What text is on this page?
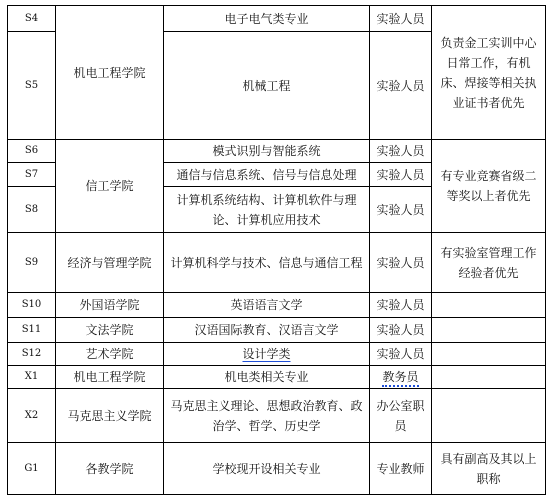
S4	机电工程学院	电子电气类专业	实验人员	负责金工实训中心日常工作，有机床、焊接等相关执业证书者优先
S5		机械工程	实验人员	
S6	信工学院	模式识别与智能系统	实验人员	有专业竞赛省级二等奖以上者优先
S7		通信与信息系统、信号与信息处理	实验人员	
S8		计算机系统结构、计算机软件与理论、计算机应用技术	实验人员	
S9	经济与管理学院	计算机科学与技术、信息与通信工程	实验人员	有实验室管理工作经验者优先
S10	外国语学院	英语语言文学	实验人员	
S11	文法学院	汉语国际教育、汉语言文学	实验人员	
S12	艺术学院	设计学类	实验人员	
X1	机电工程学院	机电类相关专业	教务员	
X2	马克思主义学院	马克思主义理论、思想政治教育、政治学、哲学、历史学	办公室职员	
G1	各教学院	学校现开设相关专业	专业教师	具有副高及其以上职称
